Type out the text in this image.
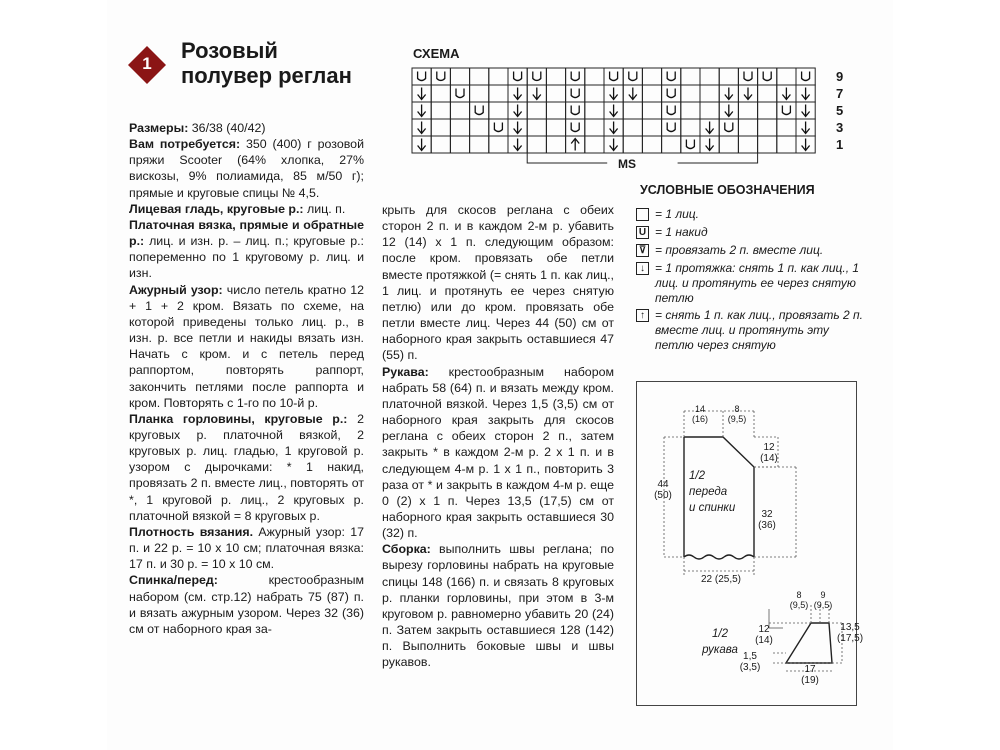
1
Розовый
полувер реглан

Размеры: 36/38 (40/42)

Вам потребуется: 350 (400) г розовой пряжи Scooter (64% хлопка, 27% вискозы, 9% полиамида, 85 м/50 г); прямые и круговые спицы № 4,5.

Лицевая гладь, круговые р.: лиц. п.

Платочная вязка, прямые и обратные р.: лиц. и изн. р. – лиц. п.; круговые р.: попеременно по 1 круговому р. лиц. и изн.

Ажурный узор: число петель кратно 12 + 1 + 2 кром. Вязать по схеме, на которой приведены только лиц. р., в изн. р. все петли и накиды вязать изн. Начать с кром. и с петель перед раппортом, повторять раппорт, закончить петлями после раппорта и кром. Повторять с 1-го по 10-й р.

Планка горловины, круговые р.: 2 круговых р. платочной вязкой, 2 круговых р. лиц. гладью, 1 круговой р. узором с дырочками: * 1 накид, провязать 2 п. вместе лиц., повторять от *, 1 круговой р. лиц., 2 круговых р. платочной вязкой = 8 круговых р.

Плотность вязания. Ажурный узор: 17 п. и 22 р. = 10 х 10 см; платочная вязка: 17 п. и 30 р. = 10 х 10 см.

Спинка/перед:	крестообразным набором (см. стр.12) набрать 75 (87) п. и вязать ажурным узором. Через 32 (36) см от наборного края за-

крыть для скосов реглана с обеих сторон 2 п. и в каждом 2-м р. убавить 12 (14) х 1 п. следующим образом: после кром. провязать обе петли вместе протяжкой (= снять 1 п. как лиц., 1 лиц. и протянуть ее через снятую петлю) или до кром. провязать обе петли вместе лиц. Через 44 (50) см от наборного края закрыть оставшиеся 47 (55) п.

Рукава: крестообразным набором набрать 58 (64) п. и вязать между кром. платочной вязкой. Через 1,5 (3,5) см от наборного края закрыть для скосов реглана с обеих сторон 2 п., затем закрыть * в каждом 2-м р. 2 х 1 п. и в следующем 4-м р. 1 х 1 п., повторить 3 раза от * и закрыть в каждом 4-м р. еще 0 (2) х 1 п. Через 13,5 (17,5) см от наборного края закрыть оставшиеся 30 (32) п.

Сборка: выполнить швы реглана; по вырезу горловины набрать на круговые спицы 148 (166) п. и связать 8 круговых р. планки горловины, при этом в 3-м круговом р. равномерно убавить 20 (24) п. Затем закрыть оставшиеся 128 (142) п. Выполнить боковые швы и швы рукавов.

СХЕМА
9
7
5
3
1
MS
УСЛОВНЫЕ ОБОЗНАЧЕНИЯ
= 1 лиц.
U = 1 накид
⊽ = провязать 2 п. вместе лиц.
↓ = 1 протяжка: снять 1 п. как лиц., 1 лиц. и протянуть ее через снятую петлю
↑ = снять 1 п. как лиц., провязать 2 п. вместе лиц. и протянуть эту петлю через снятую
14
(16)
8
(9,5)
12
(14)
44
(50)
32
(36)
22 (25,5)
1/2
переда
и спинки
8
(9,5)
9
(9,5)
13,5
(17,5)
12
(14)
1,5
(3,5)	17
(19)
1/2
рукава
